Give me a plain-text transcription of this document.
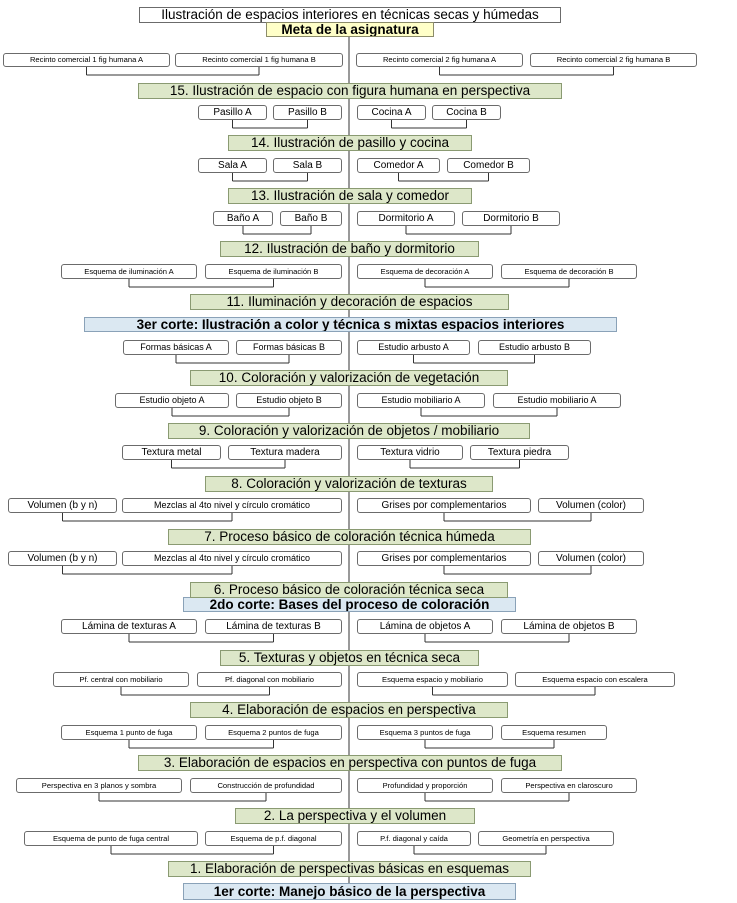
Ilustración de espacios interiores en técnicas secas y húmedas
Meta de la asignatura
3er corte: Ilustración a color y técnica s mixtas espacios interiores
2do corte: Bases del proceso de coloración
1er corte: Manejo básico de la perspectiva
15. Ilustración de espacio con figura humana en perspectiva
14. Ilustración de pasillo y cocina
13. Ilustración de sala y comedor
12. Ilustración de baño y dormitorio
11. Iluminación y decoración de espacios
10. Coloración y valorización de vegetación
9. Coloración y valorización de objetos / mobiliario
8. Coloración y valorización de texturas
7. Proceso básico de coloración técnica húmeda
6. Proceso básico de coloración técnica seca
5. Texturas y objetos en técnica seca
4. Elaboración de espacios en perspectiva
3. Elaboración de espacios en perspectiva con puntos de fuga
2. La perspectiva y el volumen
1. Elaboración de perspectivas básicas en esquemas
Recinto comercial 1 fig humana A	Recinto comercial 1 fig humana B	Recinto comercial 2 fig humana A	Recinto comercial 2 fig humana B
Pasillo A	Pasillo B	Cocina A	Cocina B
Sala A	Sala B	Comedor A	Comedor B
Baño A	Baño B	Dormitorio A	Dormitorio B
Esquema de iluminación A	Esquema de iluminación B	Esquema de decoración A	Esquema de decoración B
Formas básicas A	Formas básicas B	Estudio arbusto A	Estudio arbusto B
Estudio objeto A	Estudio objeto B	Estudio mobiliario A	Estudio mobiliario A
Textura metal	Textura madera	Textura vidrio	Textura piedra
Volumen (b y n)	Mezclas al 4to nivel y círculo cromático	Grises por complementarios	Volumen (color)
Volumen (b y n)	Mezclas al 4to nivel y círculo cromático	Grises por complementarios	Volumen (color)
Lámina de texturas A	Lámina de texturas B	Lámina de objetos A	Lámina de objetos B
Pf. central con mobiliario	Pf. diagonal con mobiliario	Esquema espacio y mobiliario	Esquema espacio con escalera
Esquema 1 punto de fuga	Esquema 2 puntos de fuga	Esquema 3 puntos de fuga	Esquema resumen
Perspectiva en 3 planos y sombra	Construcción de profundidad	Profundidad y proporción	Perspectiva en claroscuro
Esquema de punto de fuga central	Esquema de p.f. diagonal	P.f. diagonal y caída	Geometría en perspectiva
